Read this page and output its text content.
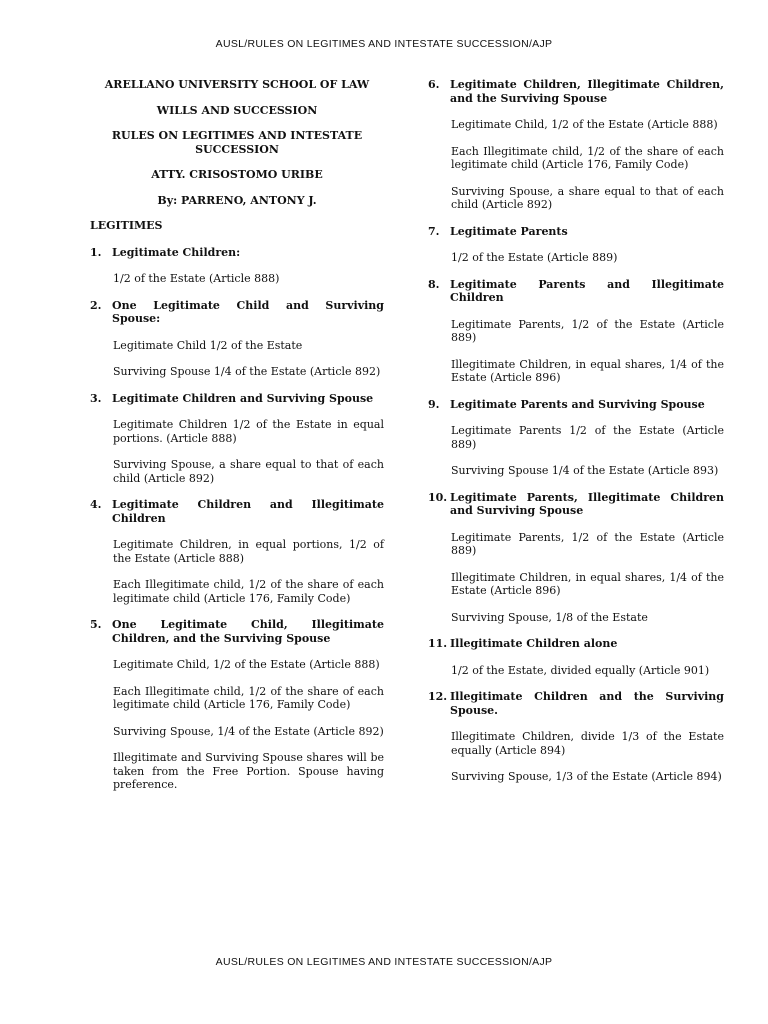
AUSL/RULES ON LEGITIMES AND INTESTATE SUCCESSION/AJP
ARELLANO UNIVERSITY SCHOOL OF LAW
WILLS AND SUCCESSION
RULES ON LEGITIMES AND INTESTATE SUCCESSION
ATTY. CRISOSTOMO URIBE
By: PARRENO, ANTONY J.
LEGITIMES
1. Legitimate Children:
1/2 of the Estate (Article 888)
2. One Legitimate Child and Surviving Spouse:
Legitimate Child 1/2 of the Estate
Surviving Spouse 1/4 of the Estate (Article 892)
3. Legitimate Children and Surviving Spouse
Legitimate Children 1/2 of the Estate in equal portions. (Article 888)
Surviving Spouse, a share equal to that of each child (Article 892)
4. Legitimate Children and Illegitimate Children
Legitimate Children, in equal portions, 1/2 of the Estate (Article 888)
Each Illegitimate child, 1/2 of the share of each legitimate child (Article 176, Family Code)
5. One Legitimate Child, Illegitimate Children, and the Surviving Spouse
Legitimate Child, 1/2 of the Estate (Article 888)
Each Illegitimate child, 1/2 of the share of each legitimate child (Article 176, Family Code)
Surviving Spouse, 1/4 of the Estate (Article 892)
Illegitimate and Surviving Spouse shares will be taken from the Free Portion. Spouse having preference.
6. Legitimate Children, Illegitimate Children, and the Surviving Spouse
Legitimate Child, 1/2 of the Estate (Article 888)
Each Illegitimate child, 1/2 of the share of each legitimate child (Article 176, Family Code)
Surviving Spouse, a share equal to that of each child (Article 892)
7. Legitimate Parents
1/2 of the Estate (Article 889)
8. Legitimate Parents and Illegitimate Children
Legitimate Parents, 1/2 of the Estate (Article 889)
Illegitimate Children, in equal shares, 1/4 of the Estate (Article 896)
9. Legitimate Parents and Surviving Spouse
Legitimate Parents 1/2 of the Estate (Article 889)
Surviving Spouse 1/4 of the Estate (Article 893)
10. Legitimate Parents, Illegitimate Children and Surviving Spouse
Legitimate Parents, 1/2 of the Estate (Article 889)
Illegitimate Children, in equal shares, 1/4 of the Estate (Article 896)
Surviving Spouse, 1/8 of the Estate
11. Illegitimate Children alone
1/2 of the Estate, divided equally (Article 901)
12. Illegitimate Children and the Surviving Spouse.
Illegitimate Children, divide 1/3 of the Estate equally (Article 894)
Surviving Spouse, 1/3 of the Estate (Article 894)
AUSL/RULES ON LEGITIMES AND INTESTATE SUCCESSION/AJP
